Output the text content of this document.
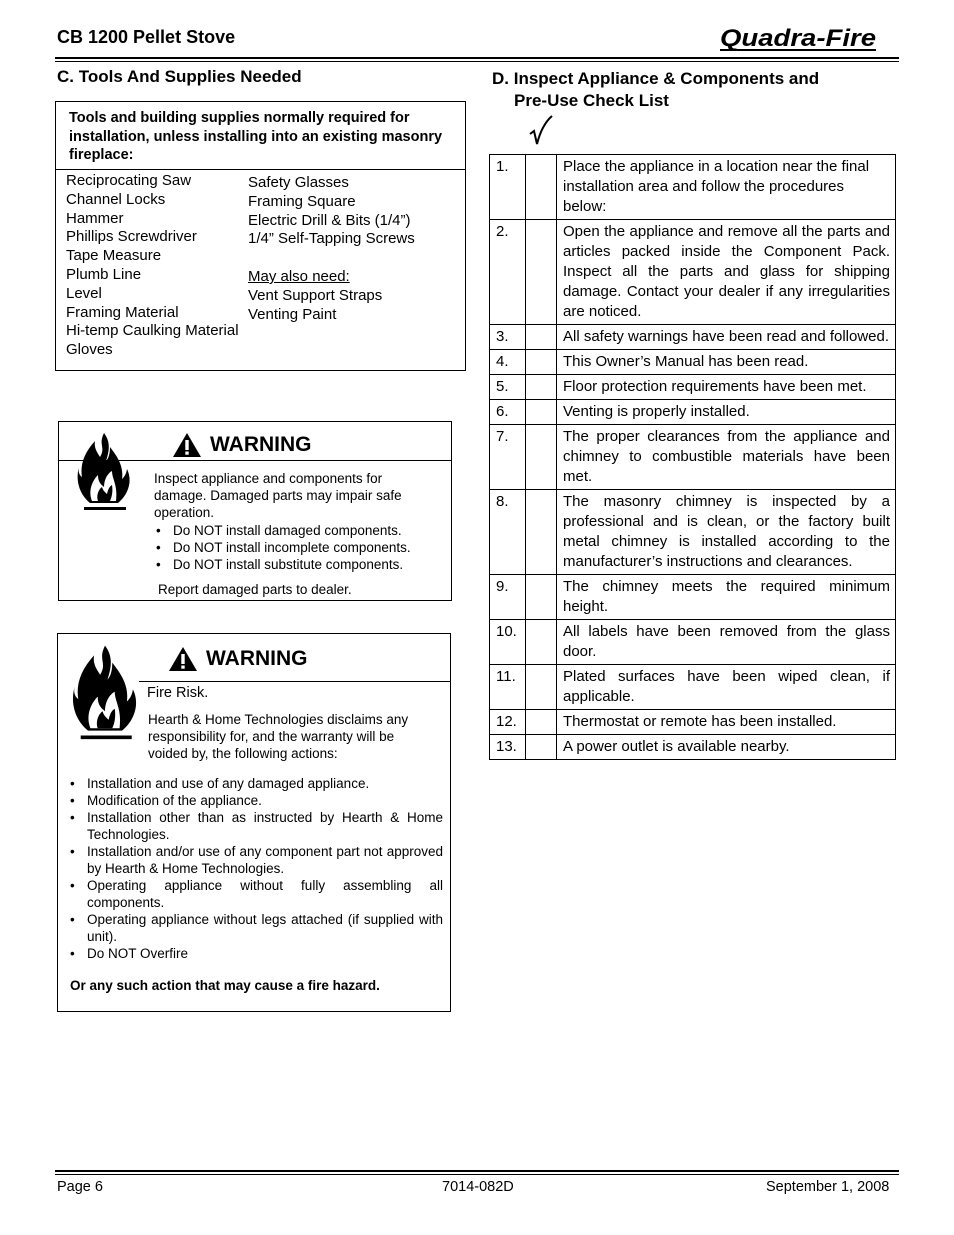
CB 1200 Pellet Stove	Quadra-Fire
C. Tools And Supplies Needed
Tools and building supplies normally required for installation, unless installing into an existing masonry fireplace:
Reciprocating Saw
Channel Locks
Hammer
Phillips Screwdriver
Tape Measure
Plumb Line
Level
Framing Material
Hi-temp Caulking Material
Gloves
Safety Glasses
Framing Square
Electric Drill & Bits (1/4”)
1/4” Self-Tapping Screws
May also need:
Vent Support Straps
Venting Paint
WARNING
Inspect appliance and components for damage. Damaged parts may impair safe operation.
• Do NOT install damaged components.
• Do NOT install incomplete components.
• Do NOT install substitute components.
Report damaged parts to dealer.
WARNING
Fire Risk.
Hearth & Home Technologies disclaims any responsibility for, and the warranty will be voided by, the following actions:
• Installation and use of any damaged appliance.
• Modification of the appliance.
• Installation other than as instructed by Hearth & Home Technologies.
• Installation and/or use of any component part not approved by Hearth & Home Technologies.
• Operating appliance without fully assembling all components.
• Operating appliance without legs attached (if supplied with unit).
• Do NOT Overfire
Or any such action that may cause a fire hazard.
D. Inspect Appliance & Components and
Pre-Use Check List
1.		Place the appliance in a location near the final installation area and follow the procedures below:
2.		Open the appliance and remove all the parts and articles packed inside the Component Pack. Inspect all the parts and glass for shipping damage. Contact your dealer if any irregularities are noticed.
3.		All safety warnings have been read and followed.
4.		This Owner’s Manual has been read.
5.		Floor protection requirements have been met.
6.		Venting is properly installed.
7.		The proper clearances from the appliance and chimney to combustible materials have been met.
8.		The masonry chimney is inspected by a professional and is clean, or the factory built metal chimney is installed according to the manufacturer’s instructions and clearances.
9.		The chimney meets the required minimum height.
10.		All labels have been removed from the glass door.
11.		Plated surfaces have been wiped clean, if applicable.
12.		Thermostat or remote has been installed.
13.		A power outlet is available nearby.
Page 6	7014-082D	September 1, 2008
